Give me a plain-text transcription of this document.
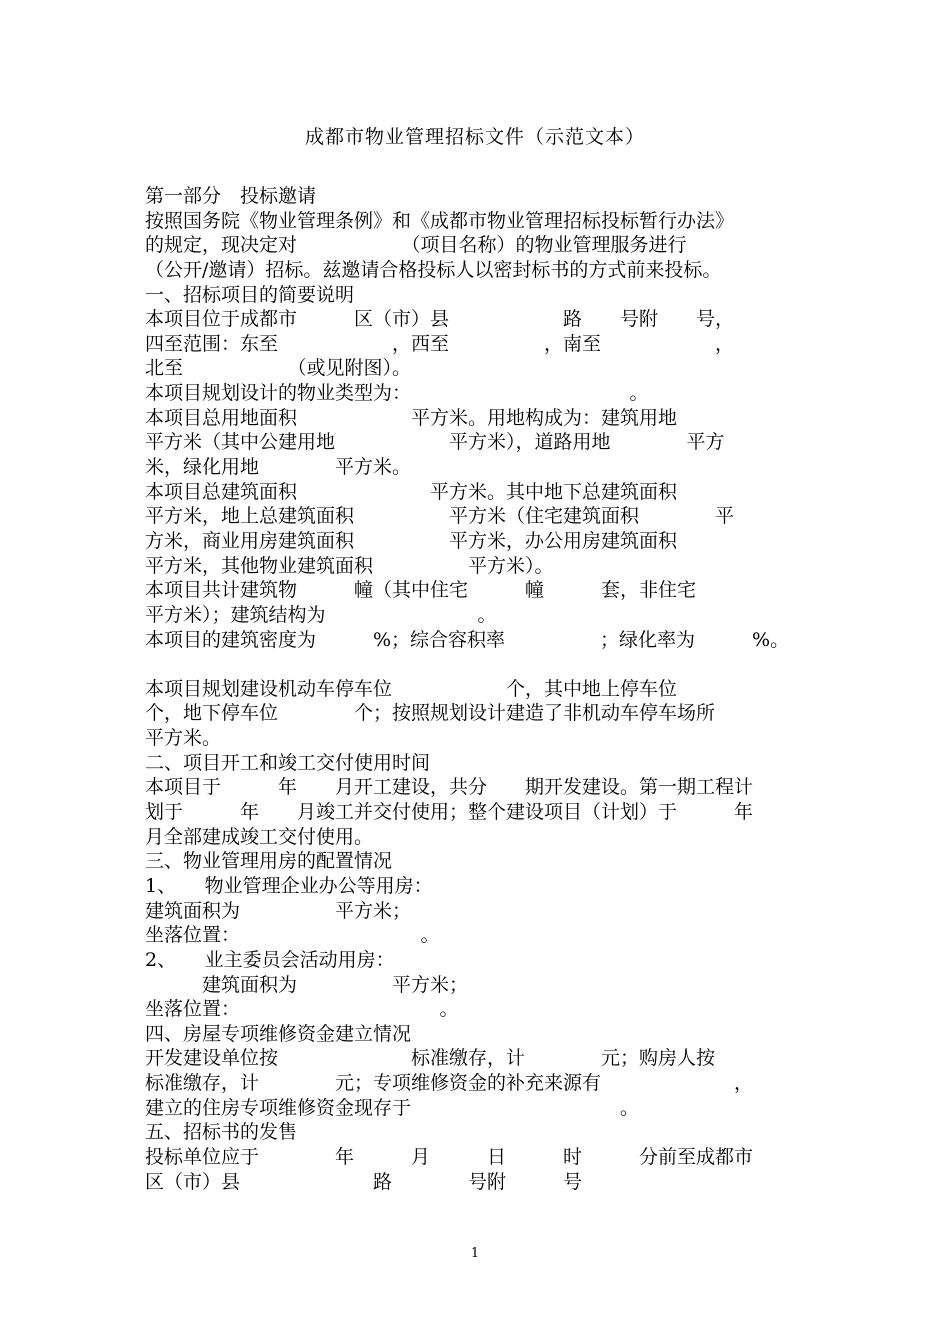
成都市物业管理招标文件（示范文本）
第一部分　投标邀请
按照国务院《物业管理条例》和《成都市物业管理招标投标暂行办法》
的规定，现决定对　　　　　　（项目名称）的物业管理服务进行
（公开/邀请）招标。兹邀请合格投标人以密封标书的方式前来投标。
一、招标项目的简要说明
本项目位于成都市　　　区（市）县　　　　　　路　　号附　　号，
四至范围：东至　　　　　　，西至　　　　　，南至　　　　　　，
北至　　　　　　（或见附图）。
本项目规划设计的物业类型为：　　　　　　　　　　　　。
本项目总用地面积　　　　　　平方米。用地构成为：建筑用地
平方米（其中公建用地　　　　　　平方米），道路用地　　　　平方
米，绿化用地　　　　平方米。
本项目总建筑面积　　　　　　　平方米。其中地下总建筑面积
平方米，地上总建筑面积　　　　　平方米（住宅建筑面积　　　　平
方米，商业用房建筑面积　　　　　平方米，办公用房建筑面积
平方米，其他物业建筑面积　　　　　平方米）。
本项目共计建筑物　　　幢（其中住宅　　　幢　　　套，非住宅
平方米）；建筑结构为　　　　　　　　。
本项目的建筑密度为　　　%；综合容积率　　　　　；绿化率为　　　%。
本项目规划建设机动车停车位　　　　　　个，其中地上停车位
个，地下停车位　　　　个；按照规划设计建造了非机动车停车场所
平方米。
二、项目开工和竣工交付使用时间
本项目于　　　年　　月开工建设，共分　　期开发建设。第一期工程计
划于　　　年　　月竣工并交付使用；整个建设项目（计划）于　　　年
月全部建成竣工交付使用。
三、物业管理用房的配置情况
1、　　物业管理企业办公等用房：
建筑面积为　　　　　平方米；
坐落位置：　　　　　　　　　　。
2、　　业主委员会活动用房：
　　　建筑面积为　　　　　平方米；
坐落位置：　　　　　　　　　　　。
四、房屋专项维修资金建立情况
开发建设单位按　　　　　　　标准缴存，计　　　　元；购房人按
标准缴存，计　　　　元；专项维修资金的补充来源有　　　　　　　，
建立的住房专项维修资金现存于　　　　　　　　　　　。
五、招标书的发售
投标单位应于　　　　年　　　月　　　日　　　时　　　分前至成都市
区（市）县　　　　　　　路　　　　号附　　　号
1
